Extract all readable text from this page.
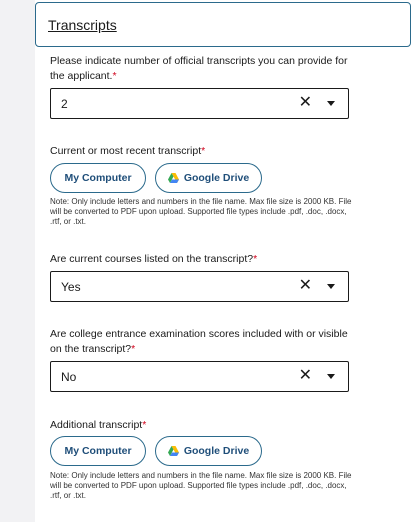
Transcripts
Please indicate number of official transcripts you can provide for the applicant.*
2	✕
Current or most recent transcript*
My Computer	Google Drive
Note: Only include letters and numbers in the file name. Max file size is 2000 KB. File will be converted to PDF upon upload. Supported file types include .pdf, .doc, .docx, .rtf, or .txt.
Are current courses listed on the transcript?*
Yes	✕
Are college entrance examination scores included with or visible on the transcript?*
No	✕
Additional transcript*
My Computer	Google Drive
Note: Only include letters and numbers in the file name. Max file size is 2000 KB. File will be converted to PDF upon upload. Supported file types include .pdf, .doc, .docx, .rtf, or .txt.
